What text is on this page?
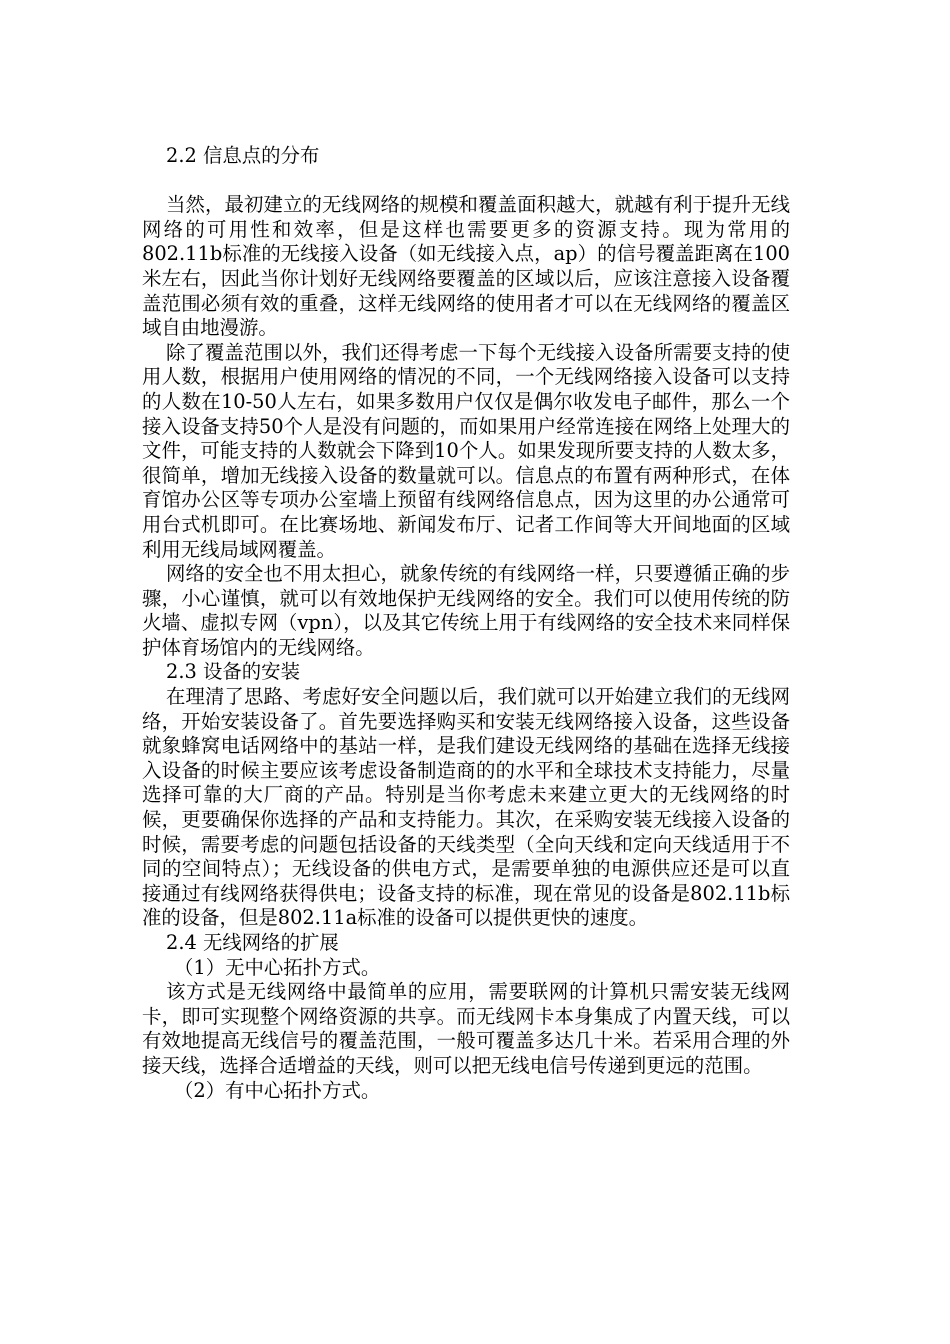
2.2 信息点的分布

当然，最初建立的无线网络的规模和覆盖面积越大，就越有利于提升无线网络的可用性和效率，但是这样也需要更多的资源支持。现为常用的802.11b标准的无线接入设备（如无线接入点，ap）的信号覆盖距离在100米左右，因此当你计划好无线网络要覆盖的区域以后，应该注意接入设备覆盖范围必须有效的重叠，这样无线网络的使用者才可以在无线网络的覆盖区域自由地漫游。

除了覆盖范围以外，我们还得考虑一下每个无线接入设备所需要支持的使用人数，根据用户使用网络的情况的不同，一个无线网络接入设备可以支持的人数在10-50人左右，如果多数用户仅仅是偶尔收发电子邮件，那么一个接入设备支持50个人是没有问题的，而如果用户经常连接在网络上处理大的文件，可能支持的人数就会下降到10个人。如果发现所要支持的人数太多，很简单，增加无线接入设备的数量就可以。信息点的布置有两种形式，在体育馆办公区等专项办公室墙上预留有线网络信息点，因为这里的办公通常可用台式机即可。在比赛场地、新闻发布厅、记者工作间等大开间地面的区域利用无线局域网覆盖。

网络的安全也不用太担心，就象传统的有线网络一样，只要遵循正确的步骤，小心谨慎，就可以有效地保护无线网络的安全。我们可以使用传统的防火墙、虚拟专网（vpn），以及其它传统上用于有线网络的安全技术来同样保护体育场馆内的无线网络。

2.3 设备的安装

在理清了思路、考虑好安全问题以后，我们就可以开始建立我们的无线网络，开始安装设备了。首先要选择购买和安装无线网络接入设备，这些设备就象蜂窝电话网络中的基站一样，是我们建设无线网络的基础在选择无线接入设备的时候主要应该考虑设备制造商的的水平和全球技术支持能力，尽量选择可靠的大厂商的产品。特别是当你考虑未来建立更大的无线网络的时候，更要确保你选择的产品和支持能力。其次，在采购安装无线接入设备的时候，需要考虑的问题包括设备的天线类型（全向天线和定向天线适用于不同的空间特点）；无线设备的供电方式，是需要单独的电源供应还是可以直接通过有线网络获得供电；设备支持的标准，现在常见的设备是802.11b标准的设备，但是802.11a标准的设备可以提供更快的速度。

2.4 无线网络的扩展

（1）无中心拓扑方式。

该方式是无线网络中最简单的应用，需要联网的计算机只需安装无线网卡，即可实现整个网络资源的共享。而无线网卡本身集成了内置天线，可以有效地提高无线信号的覆盖范围，一般可覆盖多达几十米。若采用合理的外接天线，选择合适增益的天线，则可以把无线电信号传递到更远的范围。

（2）有中心拓扑方式。
